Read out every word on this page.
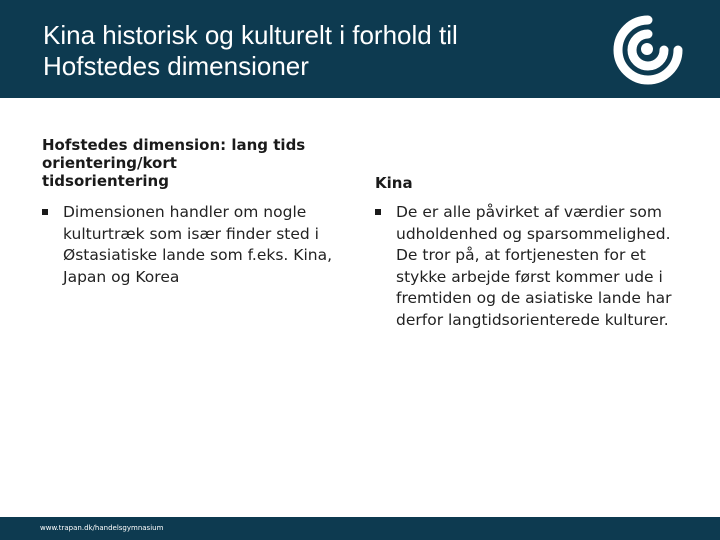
Kina historisk og kulturelt i forhold til
Hofstedes dimensioner
Hofstedes dimension: lang tids
orientering/kort
tidsorientering
Dimensionen handler om nogle kulturtræk som især finder sted i Østasiatiske lande som f.eks. Kina, Japan og Korea
Kina
De er alle påvirket af værdier som udholdenhed og sparsommelighed. De tror på, at fortjenesten for et stykke arbejde først kommer ude i fremtiden og de asiatiske lande har derfor langtidsorienterede kulturer.
www.trapan.dk/handelsgymnasium
